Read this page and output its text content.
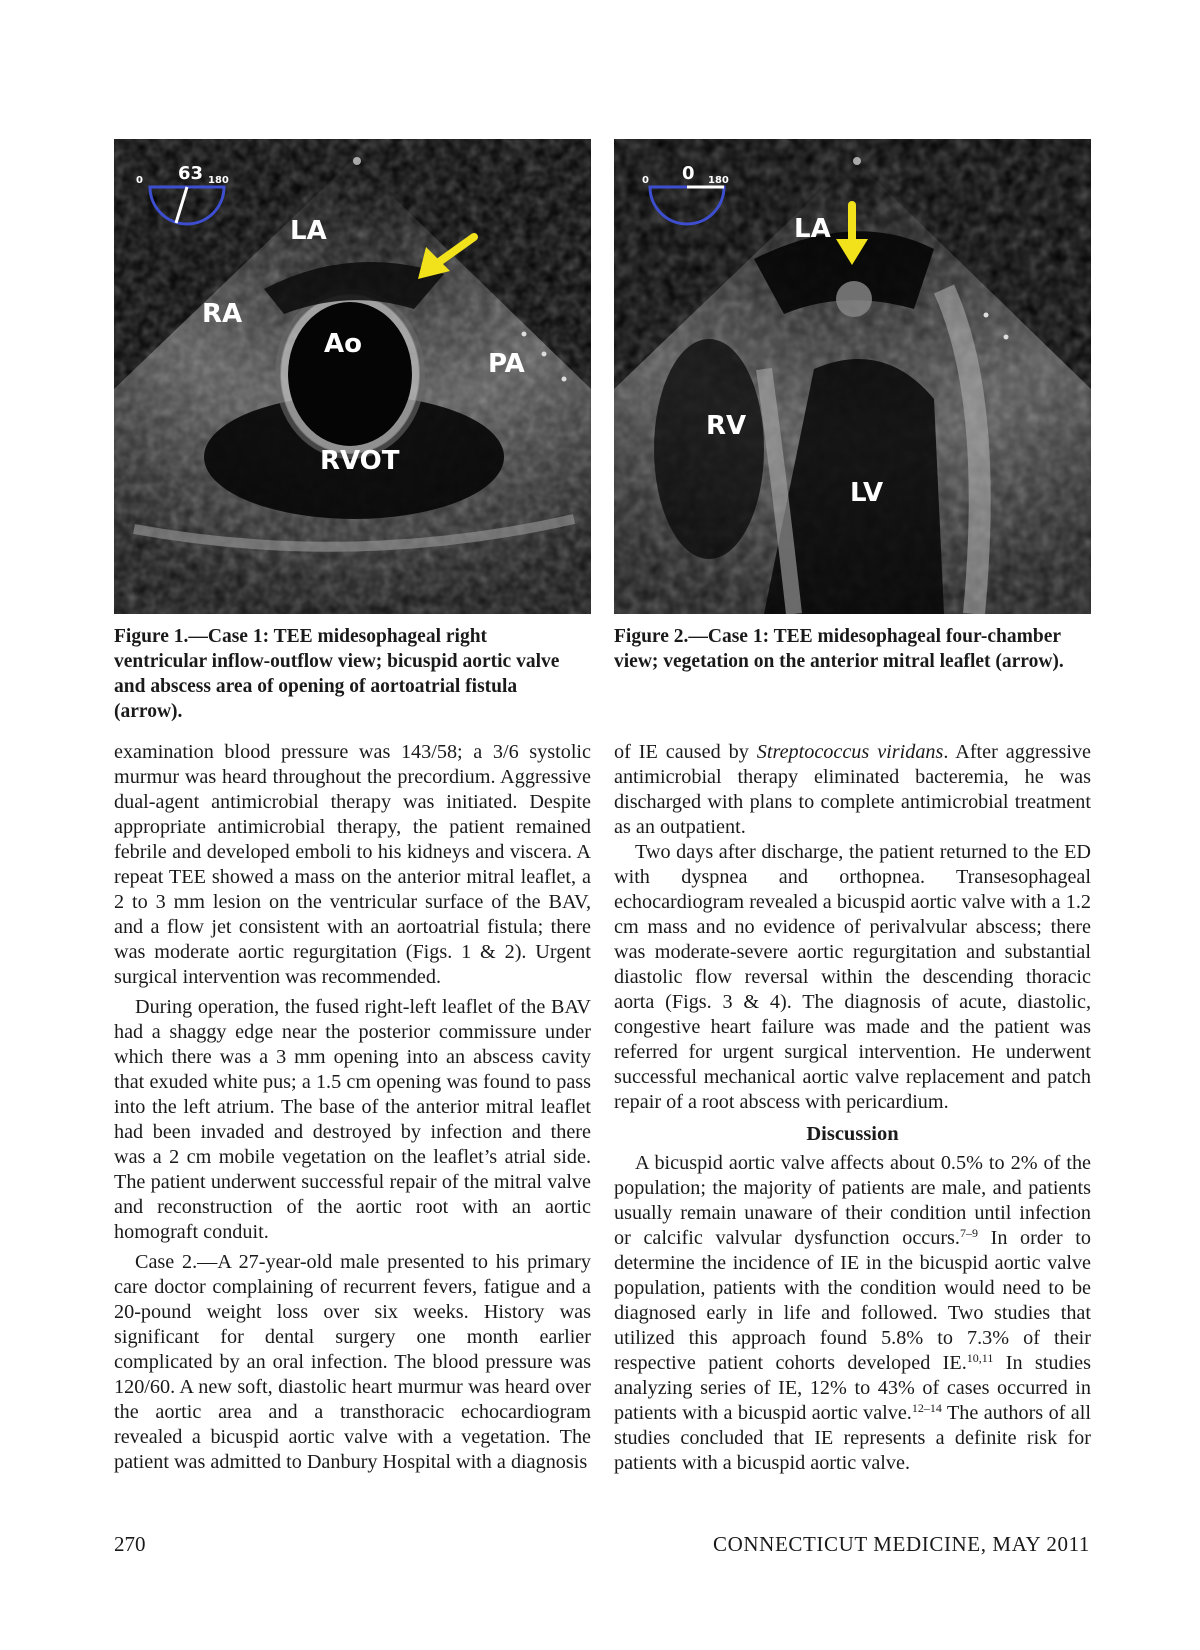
0 63 180
LA
RA
Ao
PA
RVOT
0 0 180
LA
RV
LV
Figure 1.—Case 1: TEE midesophageal right ventricular inflow-outflow view; bicuspid aortic valve and abscess area of opening of aortoatrial fistula (arrow).
Figure 2.—Case 1: TEE midesophageal four-chamber view; vegetation on the anterior mitral leaflet (arrow).

examination blood pressure was 143/58; a 3/6 systolic murmur was heard throughout the precordium. Aggressive dual-agent antimicrobial therapy was initiated. Despite appropriate antimicrobial therapy, the patient remained febrile and developed emboli to his kidneys and viscera. A repeat TEE showed a mass on the anterior mitral leaflet, a 2 to 3 mm lesion on the ventricular surface of the BAV, and a flow jet consistent with an aortoatrial fistula; there was moderate aortic regurgitation (Figs. 1 & 2). Urgent surgical intervention was recommended.

During operation, the fused right-left leaflet of the BAV had a shaggy edge near the posterior commissure under which there was a 3 mm opening into an abscess cavity that exuded white pus; a 1.5 cm opening was found to pass into the left atrium. The base of the anterior mitral leaflet had been invaded and destroyed by infection and there was a 2 cm mobile vegetation on the leaflet’s atrial side. The patient underwent successful repair of the mitral valve and reconstruction of the aortic root with an aortic homograft conduit.

Case 2.—A 27-year-old male presented to his primary care doctor complaining of recurrent fevers, fatigue and a 20-pound weight loss over six weeks. History was significant for dental surgery one month earlier complicated by an oral infection. The blood pressure was 120/60. A new soft, diastolic heart murmur was heard over the aortic area and a transthoracic echocardiogram revealed a bicuspid aortic valve with a vegetation. The patient was admitted to Danbury Hospital with a diagnosis

of IE caused by Streptococcus viridans. After aggressive antimicrobial therapy eliminated bacteremia, he was discharged with plans to complete antimicrobial treatment as an outpatient.

Two days after discharge, the patient returned to the ED with dyspnea and orthopnea. Transesophageal echocardiogram revealed a bicuspid aortic valve with a 1.2 cm mass and no evidence of perivalvular abscess; there was moderate-severe aortic regurgitation and substantial diastolic flow reversal within the descending thoracic aorta (Figs. 3 & 4). The diagnosis of acute, diastolic, congestive heart failure was made and the patient was referred for urgent surgical intervention. He underwent successful mechanical aortic valve replacement and patch repair of a root abscess with pericardium.

Discussion

A bicuspid aortic valve affects about 0.5% to 2% of the population; the majority of patients are male, and patients usually remain unaware of their condition until infection or calcific valvular dysfunction occurs.$^{7-9}$ In order to determine the incidence of IE in the bicuspid aortic valve population, patients with the condition would need to be diagnosed early in life and followed. Two studies that utilized this approach found 5.8% to 7.3% of their respective patient cohorts developed IE.$^{10,11}$ In studies analyzing series of IE, 12% to 43% of cases occurred in patients with a bicuspid aortic valve.$^{12-14}$ The authors of all studies concluded that IE represents a definite risk for patients with a bicuspid aortic valve.

270	CONNECTICUT MEDICINE, MAY 2011
